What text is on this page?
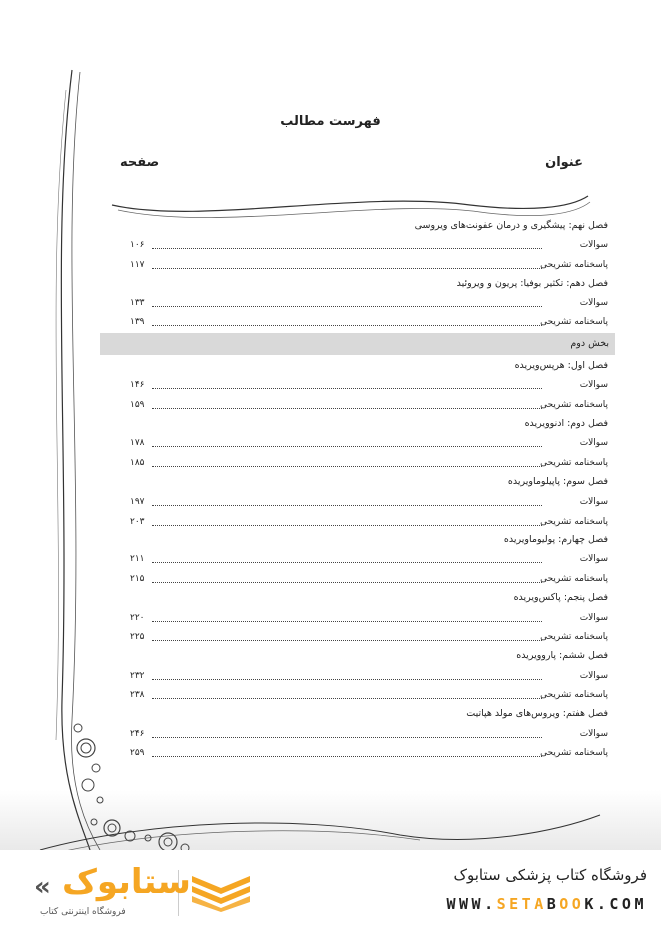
فهرست مطالب
عنوان
صفحه
بخش دوم
فصل نهم: پیشگیری و درمان عفونت‌های ویروسی
سوالات
۱۰۶
پاسخنامه تشریحی
۱۱۷
فصل دهم: تکثیر بوفیا: پریون و ویروئید
سوالات
۱۳۳
پاسخنامه تشریحی
۱۳۹
فصل اول: هرپس‌ویریده
سوالات
۱۴۶
پاسخنامه تشریحی
۱۵۹
فصل دوم: ادنوویریده
سوالات
۱۷۸
پاسخنامه تشریحی
۱۸۵
فصل سوم: پاپیلوماویریده
سوالات
۱۹۷
پاسخنامه تشریحی
۲۰۳
فصل چهارم: پولیوماویریده
سوالات
۲۱۱
پاسخنامه تشریحی
۲۱۵
فصل پنجم: پاکس‌ویریده
سوالات
۲۲۰
پاسخنامه تشریحی
۲۲۵
فصل ششم: پاروویریده
سوالات
۲۳۲
پاسخنامه تشریحی
۲۳۸
فصل هفتم: ویروس‌های مولد هپاتیت
سوالات
۲۴۶
پاسخنامه تشریحی
۲۵۹
فروشگاه کتاب پزشکی ستابوک
WWW.SETABOOK.COM
« ستابوک
فروشگاه اینترنتی کتاب
